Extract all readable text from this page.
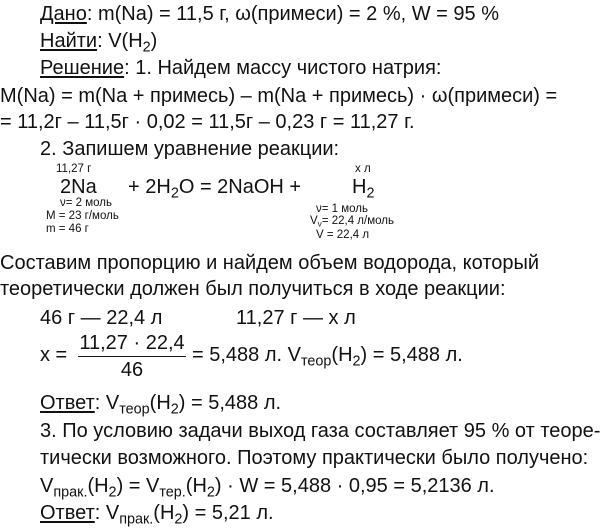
Дано: m(Na) = 11,5 г, ω(примеси) = 2 %, W = 95 %
Найти: $V(H_2)$
Решение: 1. Найдем массу чистого натрия:
M(Na) = m(Na + примесь) – m(Na + примесь) · ω(примеси) =
= 11,2г – 11,5г · 0,02 = 11,5г – 0,23 г = 11,27 г.
2. Запишем уравнение реакции:
11,27 г
$2Na + 2H_2O$ = 2NaOH +
x л
$H_2$
ν= 2 моль
M = 23 г/моль
m = 46 г
ν= 1 моль
$V_\nu= 22,4$ л/моль
V = 22,4 л
Составим пропорцию и найдем объем водорода, который
теоретически должен был получиться в ходе реакции:
46 г — 22,4 л	11,27 г — x л
x =
11,27 · 22,4
46
= 5,488 л. $V_{теор}(H_2) = 5,488$ л.
Ответ: $V_{теор}(H_2) = 5,488$ л.
3. По условию задачи выход газа составляет 95 % от теоре-
тически возможного. Поэтому практически было получено:
$V_{прак.}(H_2) = V_{тер.}(H_2) \cdot W = 5,488 \cdot 0,95 = 5,2136$ л.
Ответ: $V_{прак.}(H_2) = 5,21$ л.
